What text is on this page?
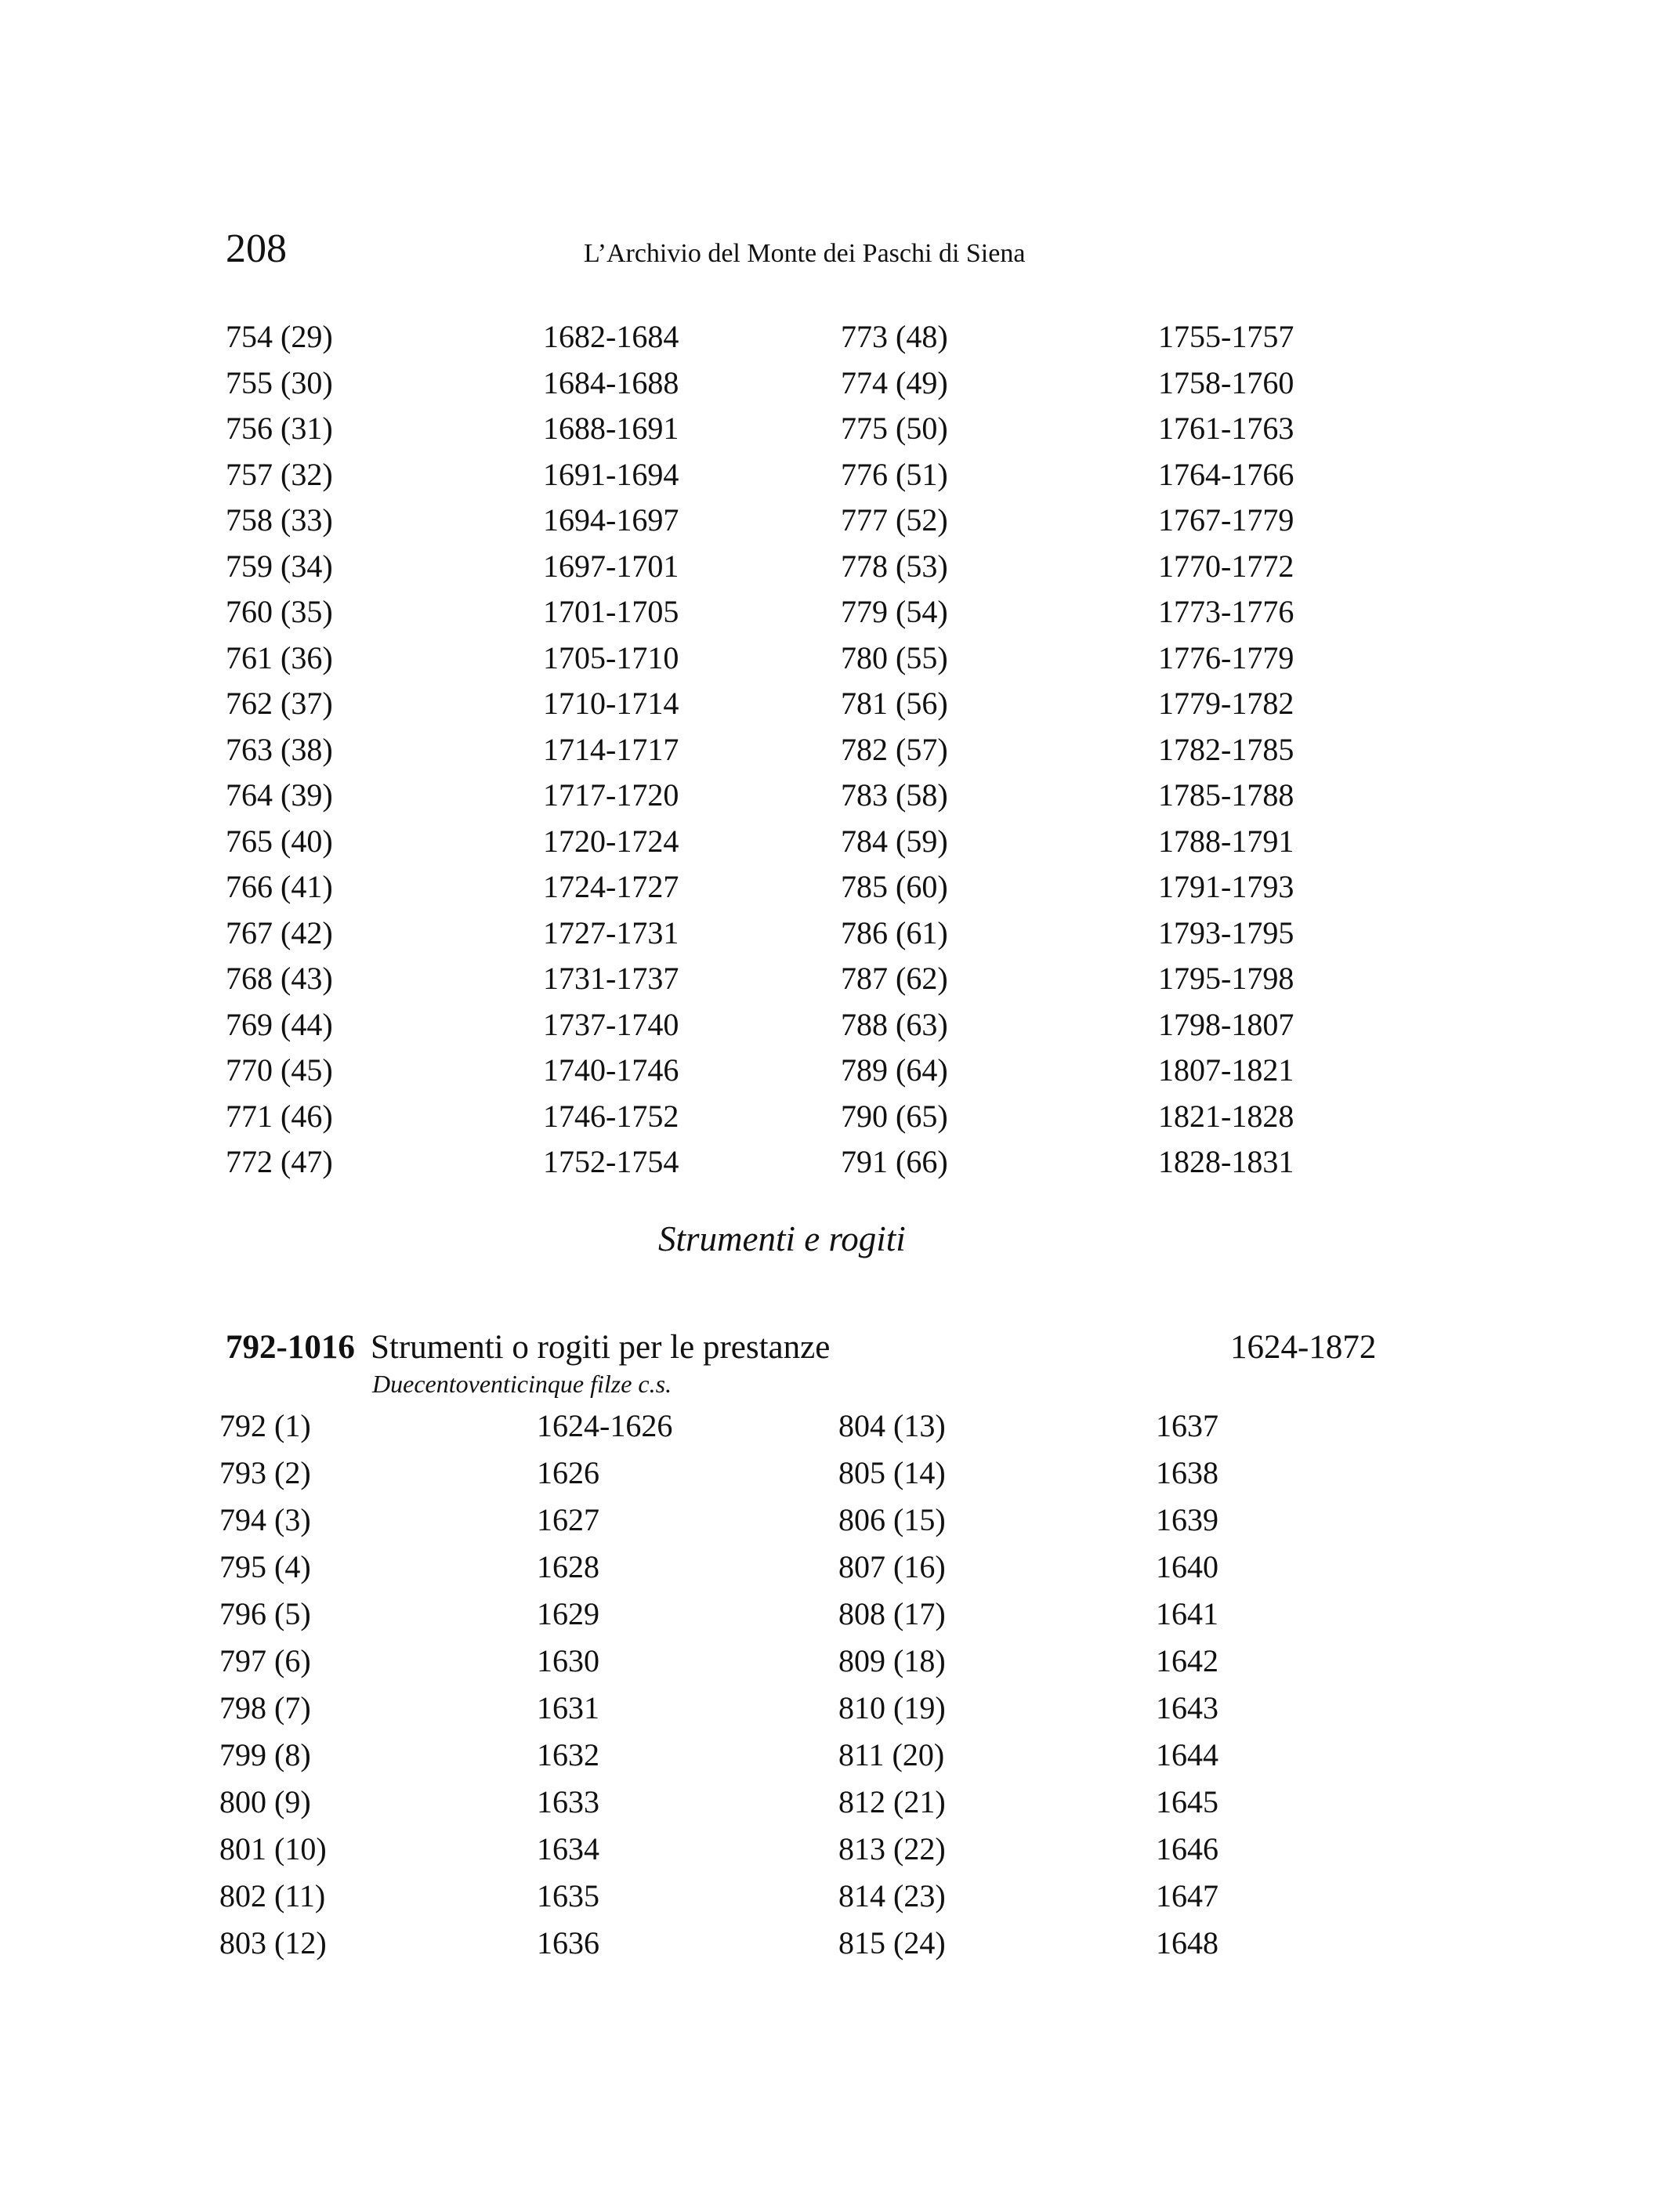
208	L’Archivio del Monte dei Paschi di Siena
754 (29)	1682-1684	773 (48)	1755-1757
755 (30)	1684-1688	774 (49)	1758-1760
756 (31)	1688-1691	775 (50)	1761-1763
757 (32)	1691-1694	776 (51)	1764-1766
758 (33)	1694-1697	777 (52)	1767-1779
759 (34)	1697-1701	778 (53)	1770-1772
760 (35)	1701-1705	779 (54)	1773-1776
761 (36)	1705-1710	780 (55)	1776-1779
762 (37)	1710-1714	781 (56)	1779-1782
763 (38)	1714-1717	782 (57)	1782-1785
764 (39)	1717-1720	783 (58)	1785-1788
765 (40)	1720-1724	784 (59)	1788-1791
766 (41)	1724-1727	785 (60)	1791-1793
767 (42)	1727-1731	786 (61)	1793-1795
768 (43)	1731-1737	787 (62)	1795-1798
769 (44)	1737-1740	788 (63)	1798-1807
770 (45)	1740-1746	789 (64)	1807-1821
771 (46)	1746-1752	790 (65)	1821-1828
772 (47)	1752-1754	791 (66)	1828-1831
Strumenti e rogiti
792-1016 Strumenti o rogiti per le prestanze	1624-1872
Duecentoventicinque filze c.s.
792 (1)	1624-1626	804 (13)	1637
793 (2)	1626	805 (14)	1638
794 (3)	1627	806 (15)	1639
795 (4)	1628	807 (16)	1640
796 (5)	1629	808 (17)	1641
797 (6)	1630	809 (18)	1642
798 (7)	1631	810 (19)	1643
799 (8)	1632	811 (20)	1644
800 (9)	1633	812 (21)	1645
801 (10)	1634	813 (22)	1646
802 (11)	1635	814 (23)	1647
803 (12)	1636	815 (24)	1648
